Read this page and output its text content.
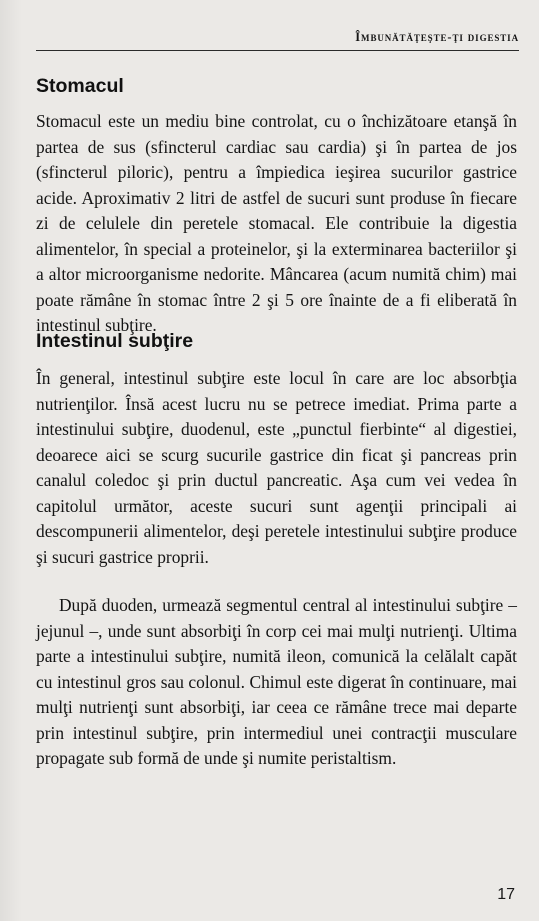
Îmbunătăţeşte-ţi digestia
Stomacul

Stomacul este un mediu bine controlat, cu o închizătoare etanşă în partea de sus (sfincterul cardiac sau cardia) şi în partea de jos (sfincterul piloric), pentru a împiedica ieşirea sucurilor gastrice acide. Aproximativ 2 litri de astfel de sucuri sunt produse în fiecare zi de celulele din peretele stomacal. Ele contribuie la digestia alimentelor, în special a proteinelor, şi la exterminarea bacteriilor şi a altor microorganisme nedorite. Mâncarea (acum numită chim) mai poate rămâne în stomac între 2 şi 5 ore înainte de a fi eliberată în intestinul subţire.

Intestinul subţire

În general, intestinul subţire este locul în care are loc absorbţia nutrienţilor. Însă acest lucru nu se petrece imediat. Prima parte a intestinului subţire, duodenul, este „punctul fierbinte“ al digestiei, deoarece aici se scurg sucurile gastrice din ficat şi pancreas prin canalul coledoc şi prin ductul pancreatic. Aşa cum vei vedea în capitolul următor, aceste sucuri sunt agenţii principali ai descompunerii alimentelor, deşi peretele intestinului subţire produce şi sucuri gastrice proprii.

După duoden, urmează segmentul central al intestinului subţire – jejunul –, unde sunt absorbiţi în corp cei mai mulţi nutrienţi. Ultima parte a intestinului subţire, numită ileon, comunică la celălalt capăt cu intestinul gros sau colonul. Chimul este digerat în continuare, mai mulţi nutrienţi sunt absorbiţi, iar ceea ce rămâne trece mai departe prin intestinul subţire, prin intermediul unei contracţii musculare propagate sub formă de unde şi numite peristaltism.

17
